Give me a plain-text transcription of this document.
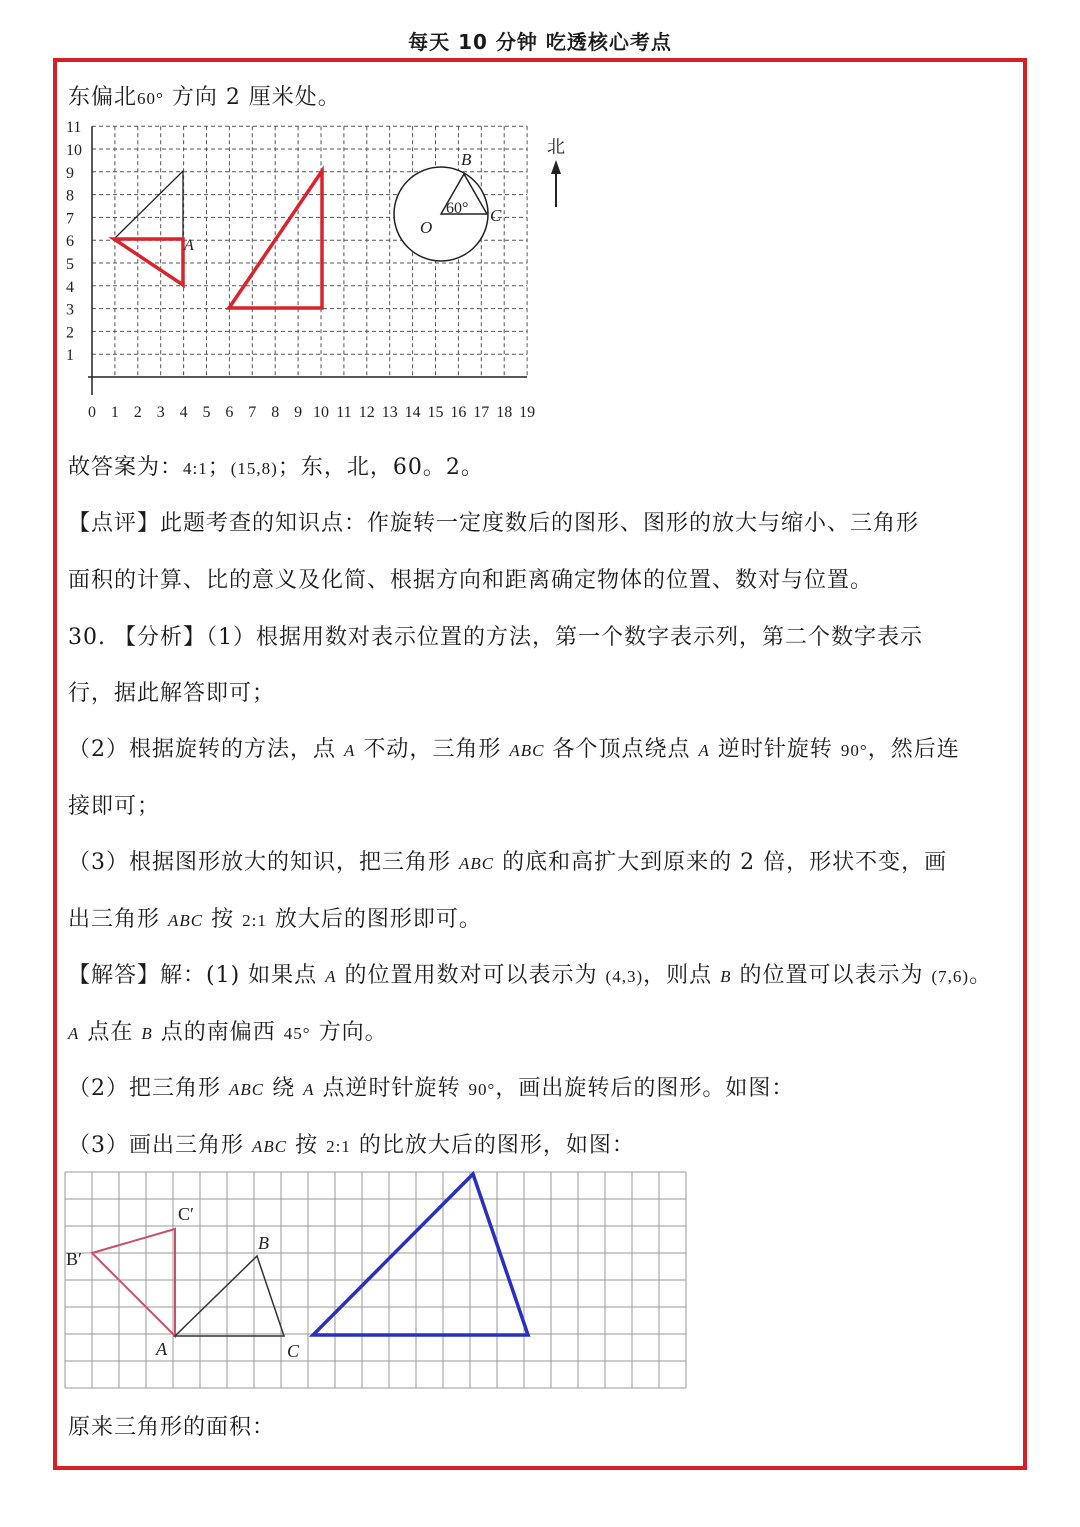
每天 10 分钟 吃透核心考点
东偏北60° 方向 2 厘米处。
1
2
3
4
5
6
7
8
9
10
11
0 1 2 3 4 5 6 7 8 9 10 11 12 13 14 15 16 17 18 19
A
B
O
C
60°
北
故答案为：4:1；(15,8)；东，北，60。2。
【点评】此题考查的知识点：作旋转一定度数后的图形、图形的放大与缩小、三角形
面积的计算、比的意义及化简、根据方向和距离确定物体的位置、数对与位置。
30. 【分析】（1）根据用数对表示位置的方法，第一个数字表示列，第二个数字表示
行，据此解答即可；
（2）根据旋转的方法，点 A 不动，三角形 ABC 各个顶点绕点 A 逆时针旋转 90°，然后连
接即可；
（3）根据图形放大的知识，把三角形 ABC 的底和高扩大到原来的 2 倍，形状不变，画
出三角形 ABC 按 2:1 放大后的图形即可。
【解答】解：(1) 如果点 A 的位置用数对可以表示为 (4,3)，则点 B 的位置可以表示为 (7,6)。
A 点在 B 点的南偏西 45° 方向。
（2）把三角形 ABC 绕 A 点逆时针旋转 90°，画出旋转后的图形。如图：
（3）画出三角形 ABC 按 2:1 的比放大后的图形，如图：
A
B
C
B′
C′
原来三角形的面积：
